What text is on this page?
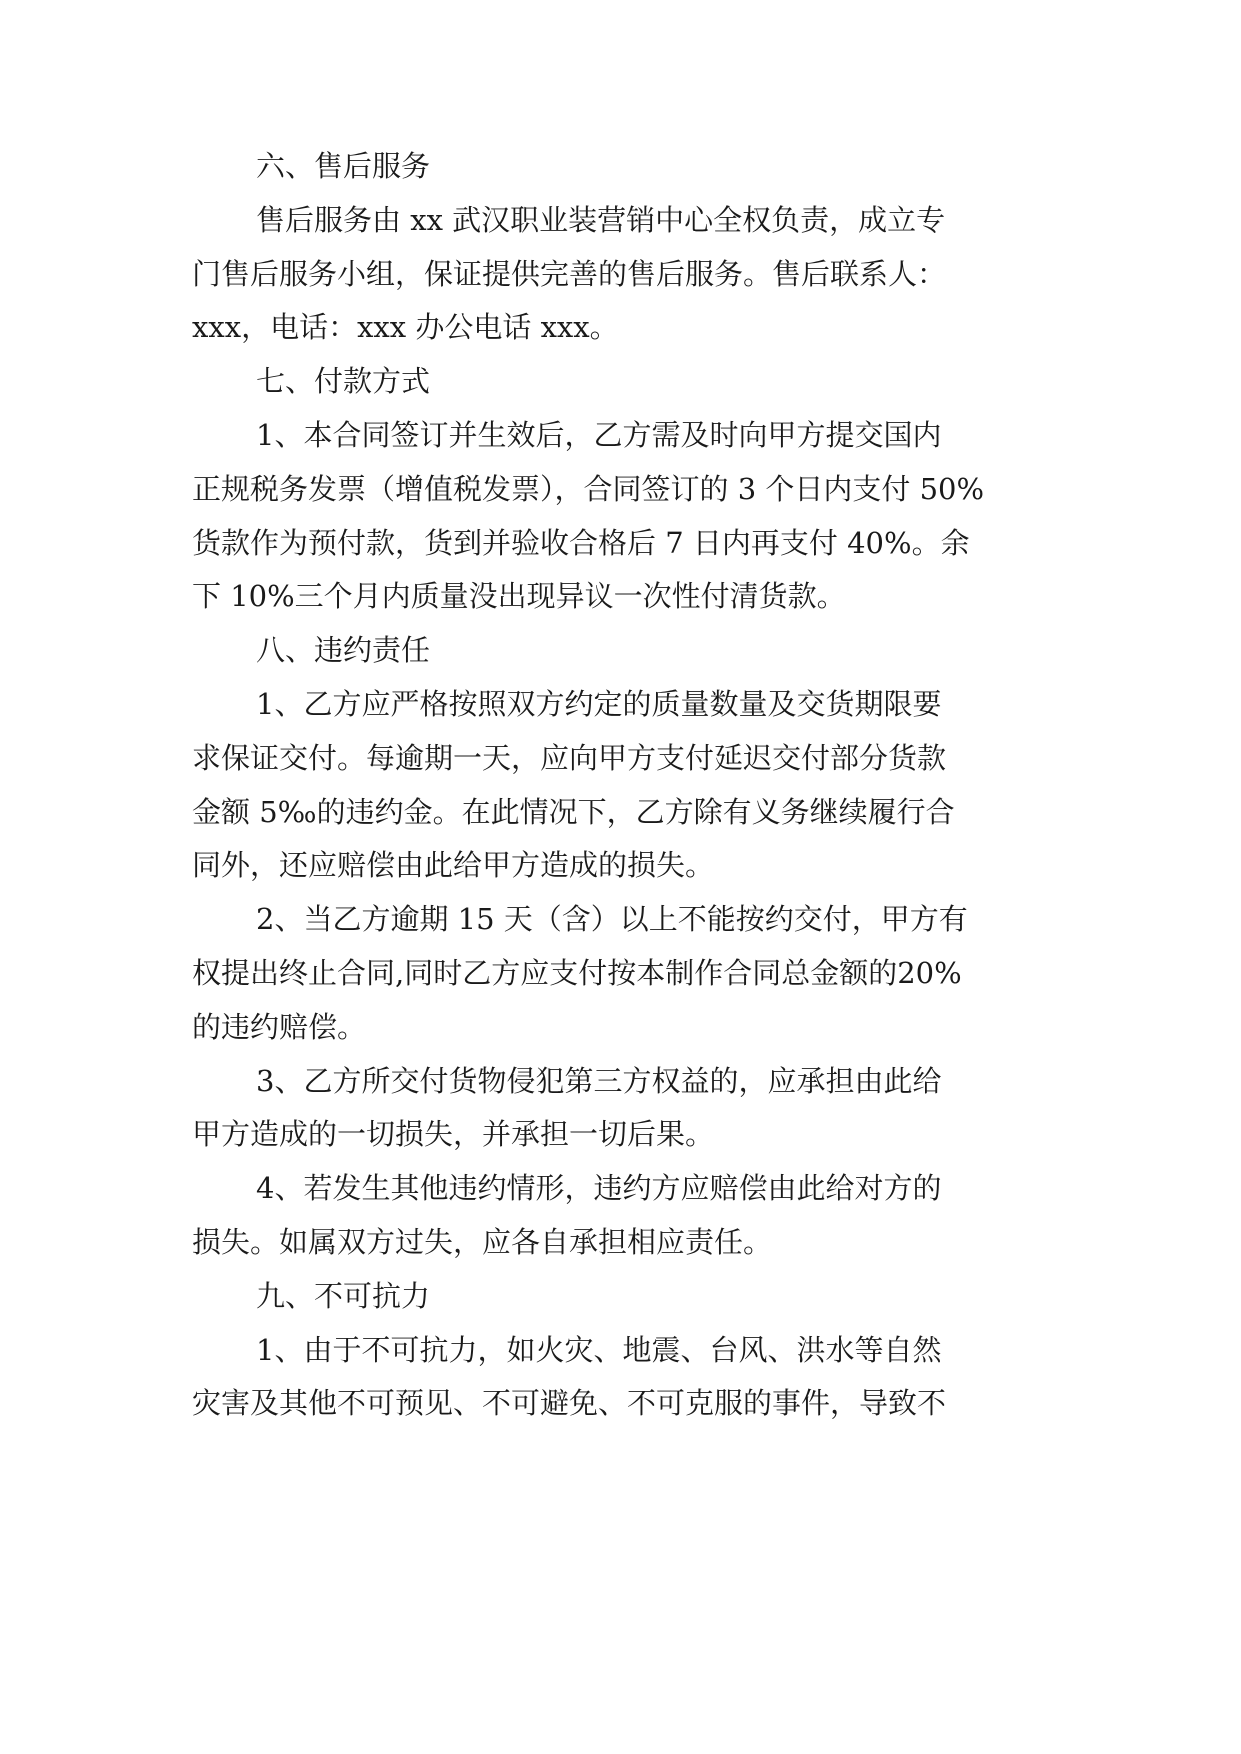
六、售后服务
售后服务由 xx 武汉职业装营销中心全权负责，成立专
门售后服务小组，保证提供完善的售后服务。售后联系人：
xxx，电话：xxx 办公电话 xxx。
七、付款方式
1、本合同签订并生效后，乙方需及时向甲方提交国内
正规税务发票（增值税发票），合同签订的 3 个日内支付 50%
货款作为预付款，货到并验收合格后 7 日内再支付 40%。余
下 10%三个月内质量没出现异议一次性付清货款。
八、违约责任
1、乙方应严格按照双方约定的质量数量及交货期限要
求保证交付。每逾期一天，应向甲方支付延迟交付部分货款
金额 5‰的违约金。在此情况下，乙方除有义务继续履行合
同外，还应赔偿由此给甲方造成的损失。
2、当乙方逾期 15 天（含）以上不能按约交付，甲方有
权提出终止合同,同时乙方应支付按本制作合同总金额的20%
的违约赔偿。
3、乙方所交付货物侵犯第三方权益的，应承担由此给
甲方造成的一切损失，并承担一切后果。
4、若发生其他违约情形，违约方应赔偿由此给对方的
损失。如属双方过失，应各自承担相应责任。
九、不可抗力
1、由于不可抗力，如火灾、地震、台风、洪水等自然
灾害及其他不可预见、不可避免、不可克服的事件，导致不
